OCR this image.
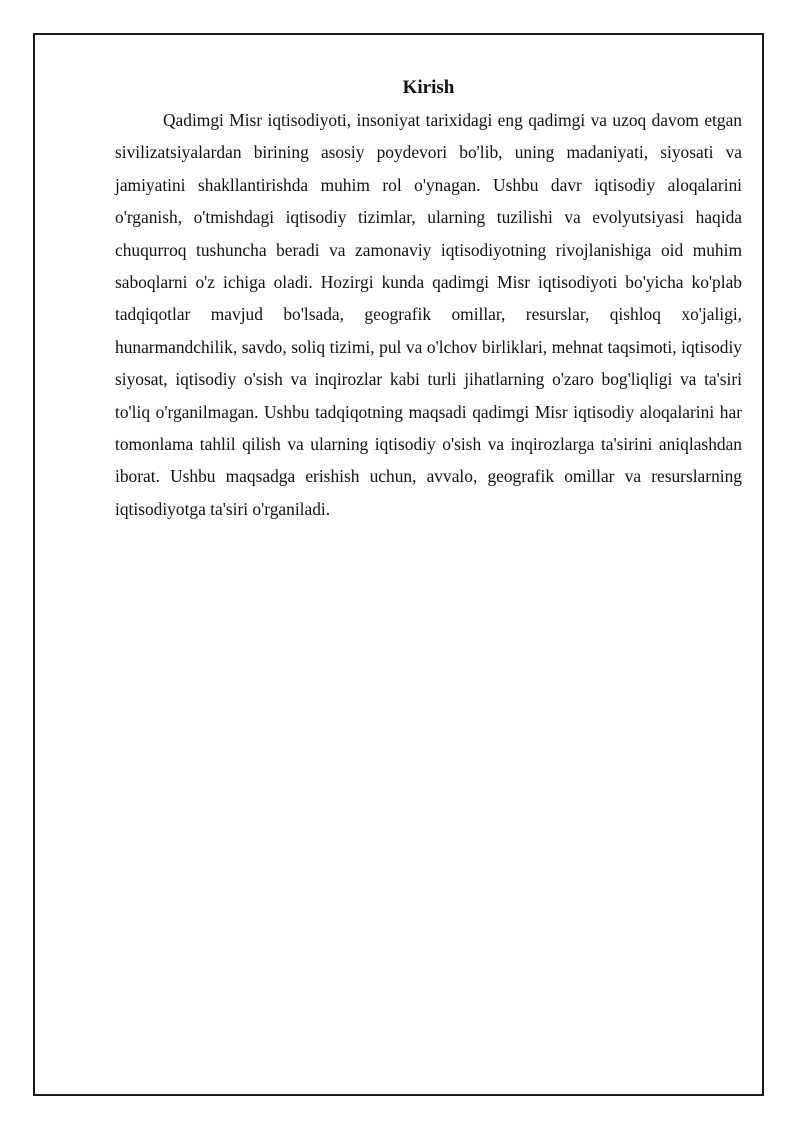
Kirish

Qadimgi Misr iqtisodiyoti, insoniyat tarixidagi eng qadimgi va uzoq davom etgan sivilizatsiyalardan birining asosiy poydevori bo'lib, uning madaniyati, siyosati va jamiyatini shakllantirishda muhim rol o'ynagan. Ushbu davr iqtisodiy aloqalarini o'rganish, o'tmishdagi iqtisodiy tizimlar, ularning tuzilishi va evolyutsiyasi haqida chuqurroq tushuncha beradi va zamonaviy iqtisodiyotning rivojlanishiga oid muhim saboqlarni o'z ichiga oladi. Hozirgi kunda qadimgi Misr iqtisodiyoti bo'yicha ko'plab tadqiqotlar mavjud bo'lsada, geografik omillar, resurslar, qishloq xo'jaligi, hunarmandchilik, savdo, soliq tizimi, pul va o'lchov birliklari, mehnat taqsimoti, iqtisodiy siyosat, iqtisodiy o'sish va inqirozlar kabi turli jihatlarning o'zaro bog'liqligi va ta'siri to'liq o'rganilmagan. Ushbu tadqiqotning maqsadi qadimgi Misr iqtisodiy aloqalarini har tomonlama tahlil qilish va ularning iqtisodiy o'sish va inqirozlarga ta'sirini aniqlashdan iborat. Ushbu maqsadga erishish uchun, avvalo, geografik omillar va resurslarning iqtisodiyotga ta'siri o'rganiladi.
